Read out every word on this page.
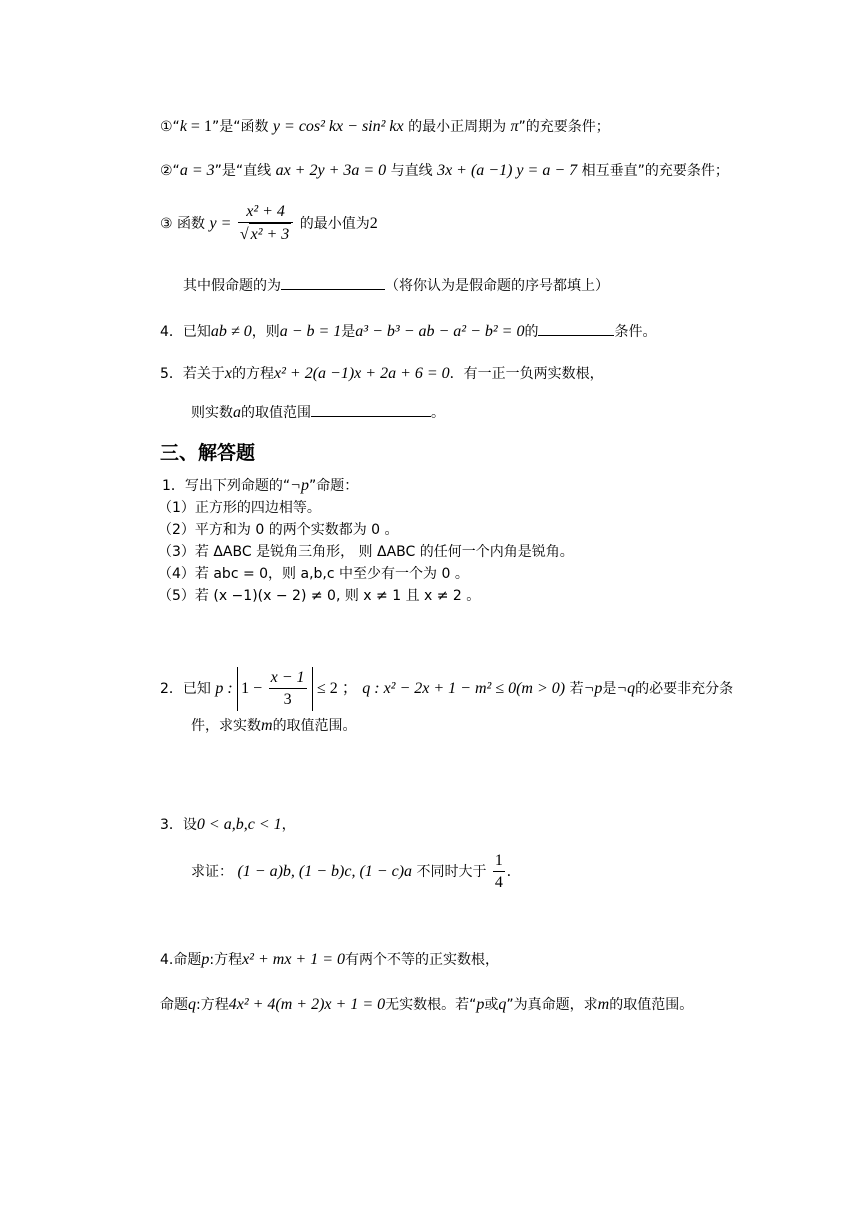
①“k = 1”是“函数 y = cos² kx − sin² kx 的最小正周期为 π”的充要条件；
②“a = 3”是“直线 ax + 2y + 3a = 0 与直线 3x + (a −1) y = a − 7 相互垂直”的充要条件；
③ 函数 $y = \frac{\text{x² + 4}}{\text{√ x² + 3}}$ 的最小值为2
其中假命题的为	（将你认为是假命题的序号都填上）
4．已知ab ≠ 0，则a − b = 1是a³ − b³ − ab − a² − b² = 0的	条件。
5．若关于x的方程x² + 2(a −1)x + 2a + 6 = 0．有一正一负两实数根，
则实数a的取值范围	。
三、解答题
1．写出下列命题的“¬p”命题：
（1）正方形的四边相等。
（2）平方和为 0 的两个实数都为 0 。
（3）若 ΔABC 是锐角三角形， 则 ΔABC 的任何一个内角是锐角。
（4）若 abc = 0，则 a,b,c 中至少有一个为 0 。
（5）若 (x −1)(x − 2) ≠ 0, 则 x ≠ 1 且 x ≠ 2 。
2．已知 p : $1 - \frac{x - 1}{3} \le 2$ ； q : x² − 2x + 1 − m² ≤ 0(m > 0) 若¬p是¬q的必要非充分条
件，求实数m的取值范围。
3．设0 < a,b,c < 1，
求证： (1 − a)b, (1 − b)c, (1 − c)a 不同时大于 $\frac{1}{4}$ .
4.命题p:方程x² + mx + 1 = 0有两个不等的正实数根，
命题q:方程4x² + 4(m + 2)x + 1 = 0无实数根。若“p或q”为真命题，求m的取值范围。
